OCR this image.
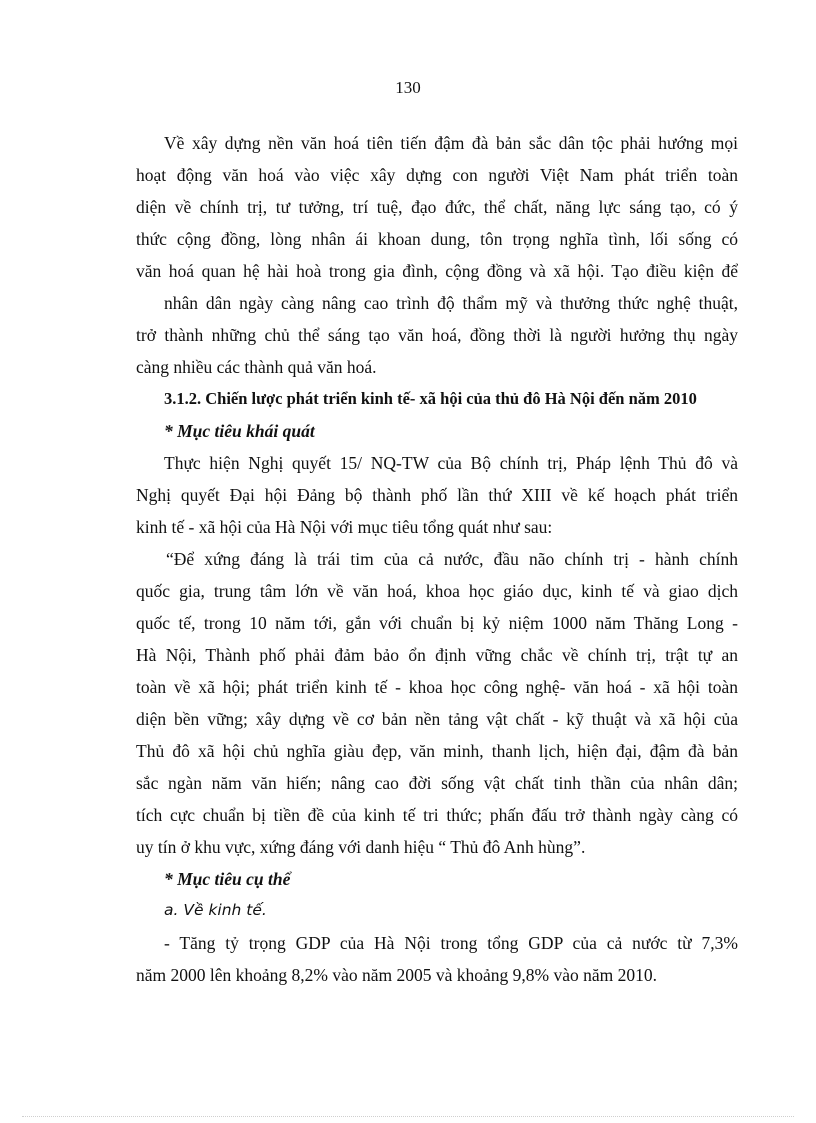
130
Về xây dựng nền văn hoá tiên tiến đậm đà bản sắc dân tộc phải hướng mọi
hoạt động văn hoá vào việc xây dựng con người Việt Nam phát triển toàn
diện về chính trị, tư tưởng, trí tuệ, đạo đức, thể chất, năng lực sáng tạo, có ý
thức cộng đồng, lòng nhân ái khoan dung, tôn trọng nghĩa tình, lối sống có
văn hoá quan hệ hài hoà trong gia đình, cộng đồng và xã hội. Tạo điều kiện để
nhân dân ngày càng nâng cao trình độ thẩm mỹ và thưởng thức nghệ thuật,
trở thành những chủ thể sáng tạo văn hoá, đồng thời là người hưởng thụ ngày
càng nhiều các thành quả văn hoá.
3.1.2. Chiến lược phát triển kinh tế- xã hội của thủ đô Hà Nội đến năm 2010
* Mục tiêu khái quát
Thực hiện Nghị quyết 15/ NQ-TW của Bộ chính trị, Pháp lệnh Thủ đô và
Nghị quyết Đại hội Đảng bộ thành phố lần thứ XIII về kế hoạch phát triển
kinh tế - xã hội của Hà Nội với mục tiêu tổng quát như sau:
“Để xứng đáng là trái tim của cả nước, đầu não chính trị - hành chính
quốc gia, trung tâm lớn về văn hoá, khoa học giáo dục, kinh tế và giao dịch
quốc tế, trong 10 năm tới, gắn với chuẩn bị kỷ niệm 1000 năm Thăng Long -
Hà Nội, Thành phố phải đảm bảo ổn định vững chắc về chính trị, trật tự an
toàn về xã hội; phát triển kinh tế - khoa học công nghệ- văn hoá - xã hội toàn
diện bền vững; xây dựng về cơ bản nền tảng vật chất - kỹ thuật và xã hội của
Thủ đô xã hội chủ nghĩa giàu đẹp, văn minh, thanh lịch, hiện đại, đậm đà bản
sắc ngàn năm văn hiến; nâng cao đời sống vật chất tinh thần của nhân dân;
tích cực chuẩn bị tiền đề của kinh tế tri thức; phấn đấu trở thành ngày càng có
uy tín ở khu vực, xứng đáng với danh hiệu “ Thủ đô Anh hùng”.
* Mục tiêu cụ thể
a. Về kinh tế.
- Tăng tỷ trọng GDP của Hà Nội trong tổng GDP của cả nước từ 7,3%
năm 2000 lên khoảng 8,2% vào năm 2005 và khoảng 9,8% vào năm 2010.
